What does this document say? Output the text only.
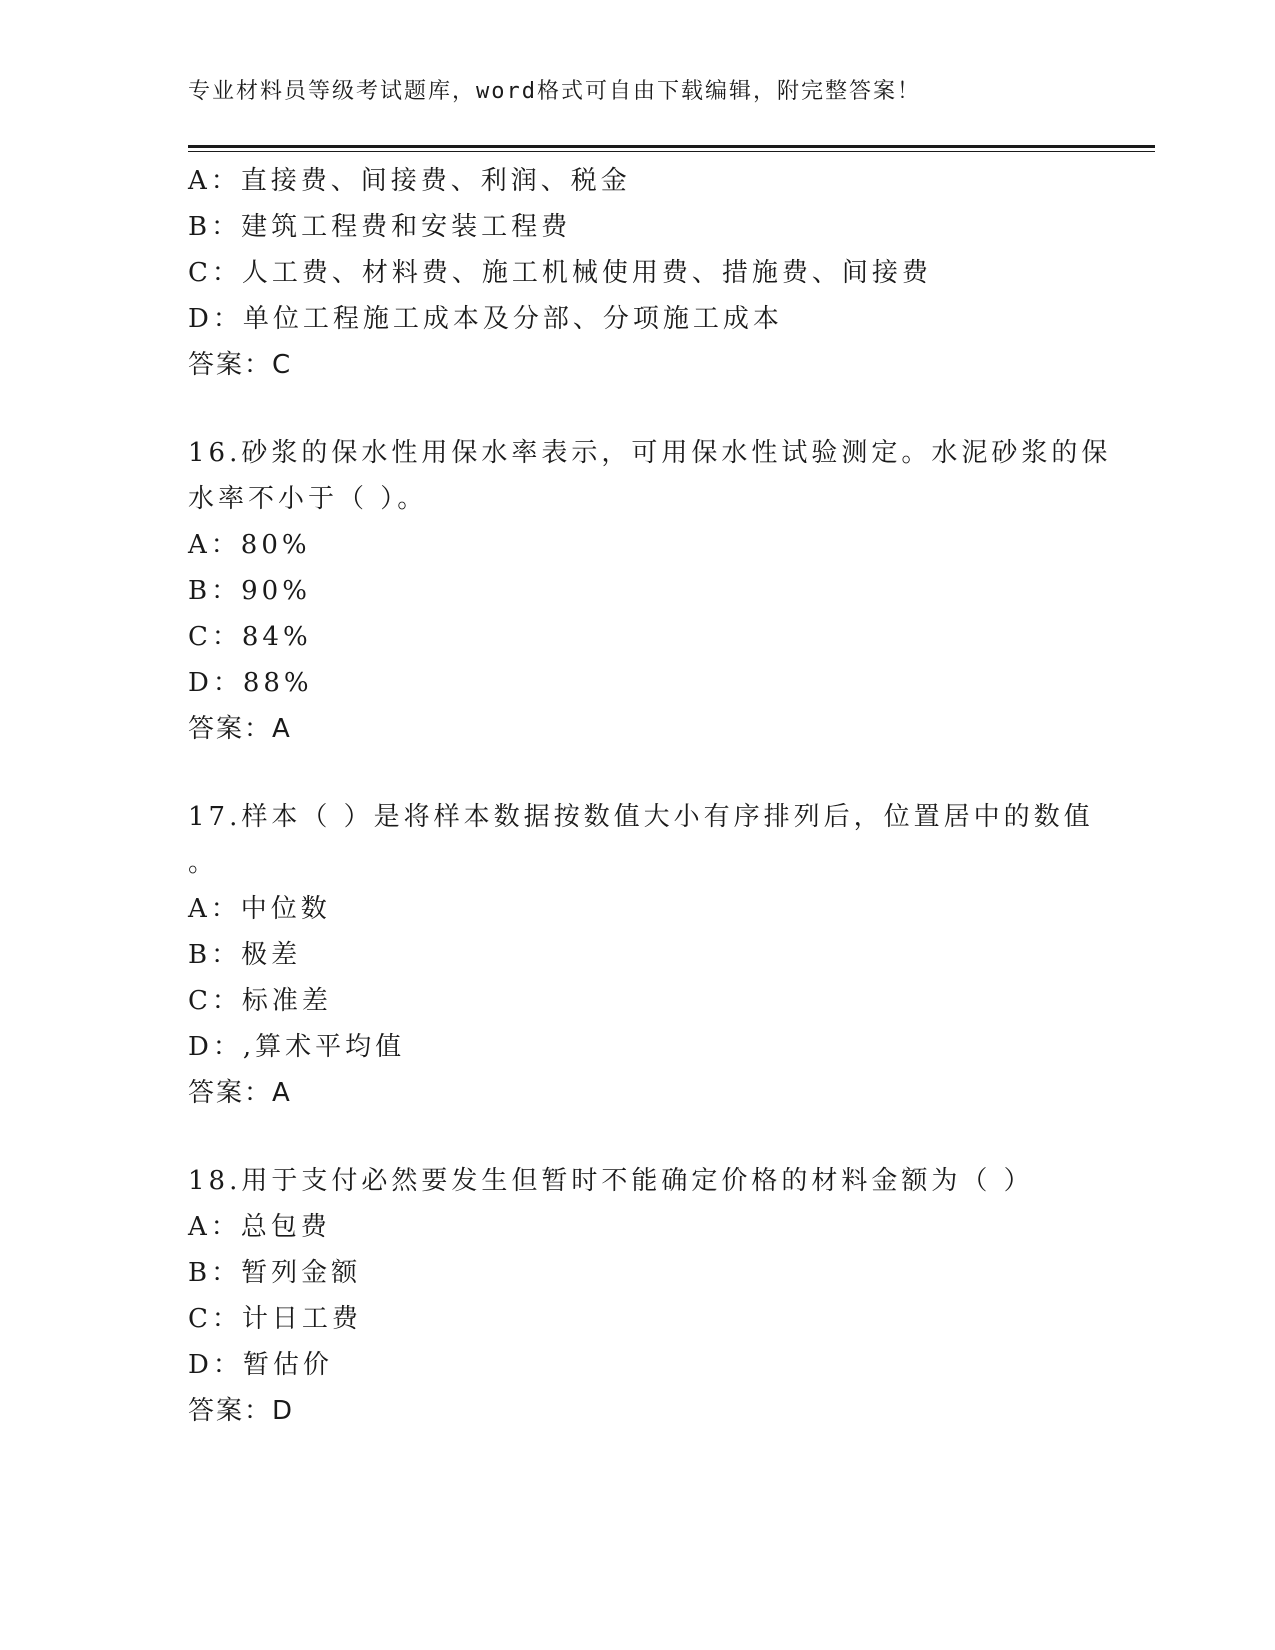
专业材料员等级考试题库，word格式可自由下载编辑，附完整答案！
A：直接费、间接费、利润、税金
B：建筑工程费和安装工程费
C：人工费、材料费、施工机械使用费、措施费、间接费
D：单位工程施工成本及分部、分项施工成本
答案：C
16.砂浆的保水性用保水率表示，可用保水性试验测定。水泥砂浆的保
水率不小于（ ）。
A：80%
B：90%
C：84%
D：88%
答案：A
17.样本（ ）是将样本数据按数值大小有序排列后，位置居中的数值
。
A：中位数
B：极差
C：标准差
D：,算术平均值
答案：A
18.用于支付必然要发生但暂时不能确定价格的材料金额为（ ）
A：总包费
B：暂列金额
C：计日工费
D：暂估价
答案：D
